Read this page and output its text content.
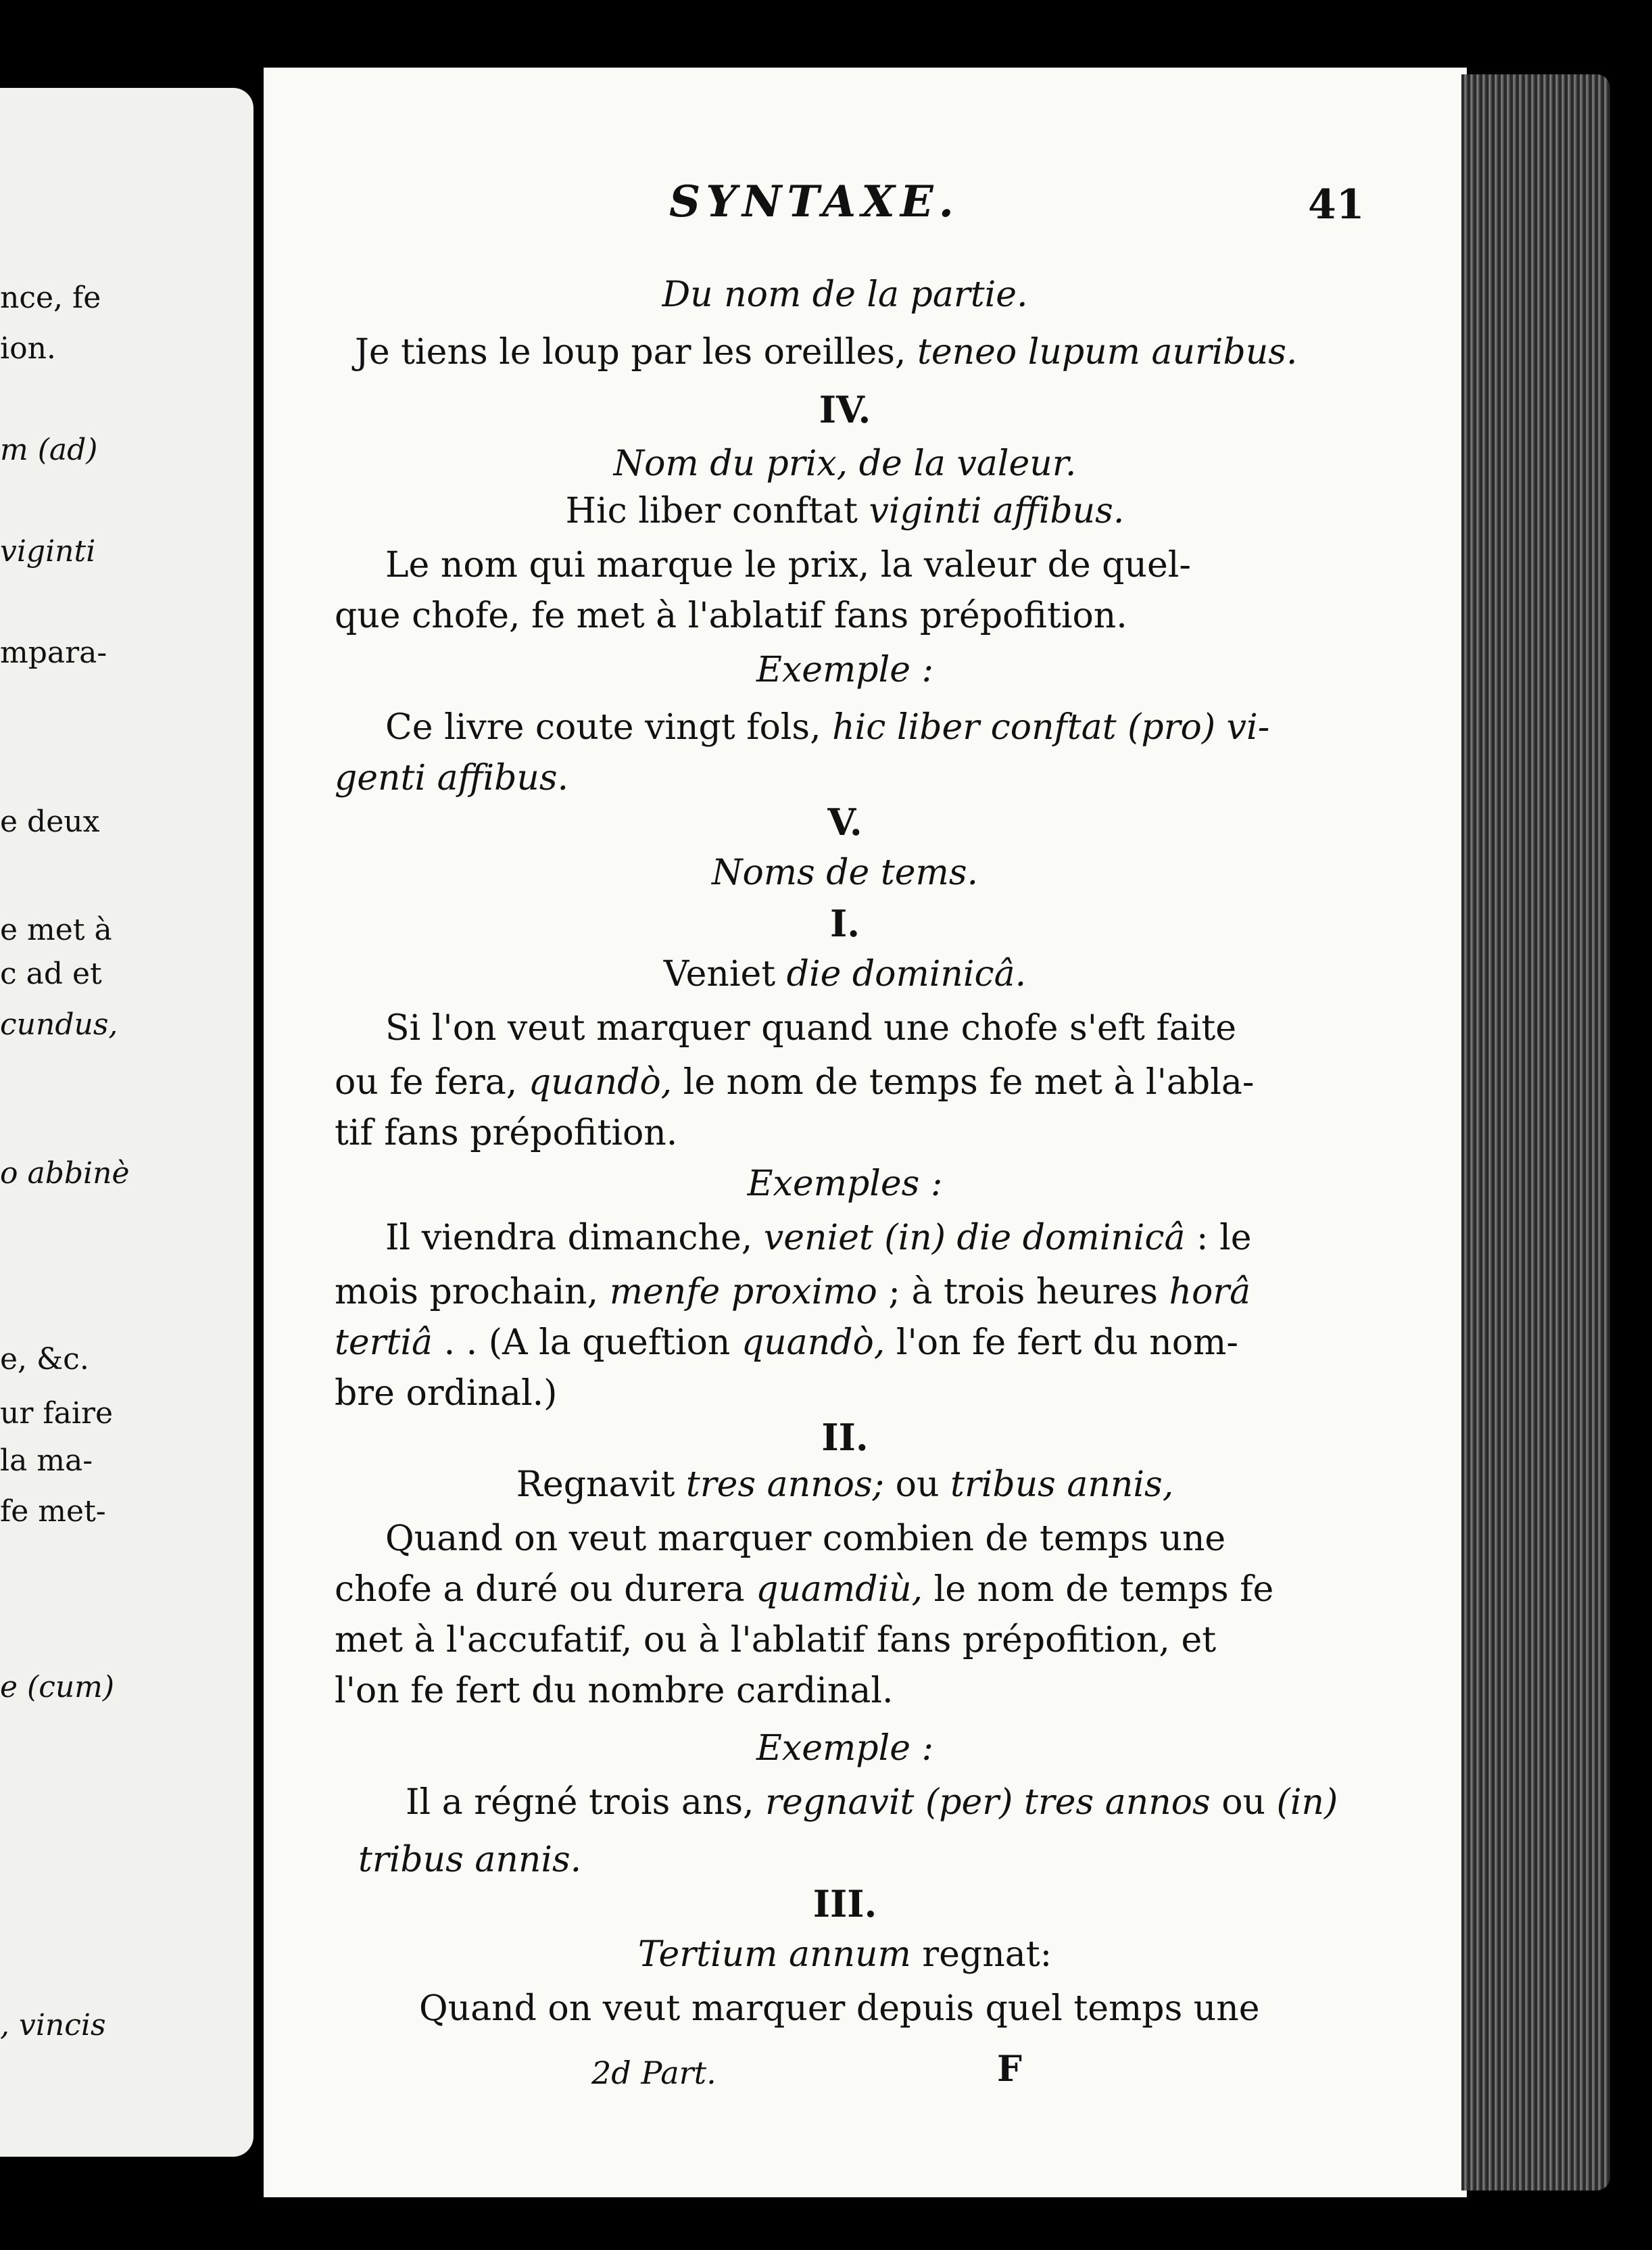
nce, fe
ion.
m (ad)
viginti
mpara-
e deux
e met à
c ad et
cundus,
o abbinè
e, &c.
ur faire
la ma-
fe met-
e (cum)
, vincis
SYNTAXE.	41
Du nom de la partie.
Je tiens le loup par les oreilles, teneo lupum auribus.
IV.
Nom du prix, de la valeur.
Hic liber conftat viginti affibus.
Le nom qui marque le prix, la valeur de quel-
que chofe, fe met à l'ablatif fans prépofition.
Exemple :
Ce livre coute vingt fols, hic liber conftat (pro) vi-
genti affibus.
V.
Noms de tems.
I.
Veniet die dominicâ.
Si l'on veut marquer quand une chofe s'eft faite
ou fe fera, quandò, le nom de temps fe met à l'abla-
tif fans prépofition.
Exemples :
Il viendra dimanche, veniet (in) die dominicâ : le
mois prochain, menfe proximo ; à trois heures horâ
tertiâ . . (A la queftion quandò, l'on fe fert du nom-
bre ordinal.)
II.
Regnavit tres annos; ou tribus annis,
Quand on veut marquer combien de temps une
chofe a duré ou durera quamdiù, le nom de temps fe
met à l'accufatif, ou à l'ablatif fans prépofition, et
l'on fe fert du nombre cardinal.
Exemple :
Il a régné trois ans, regnavit (per) tres annos ou (in)
tribus annis.
III.
Tertium annum regnat:
Quand on veut marquer depuis quel temps une
2d Part.	F
